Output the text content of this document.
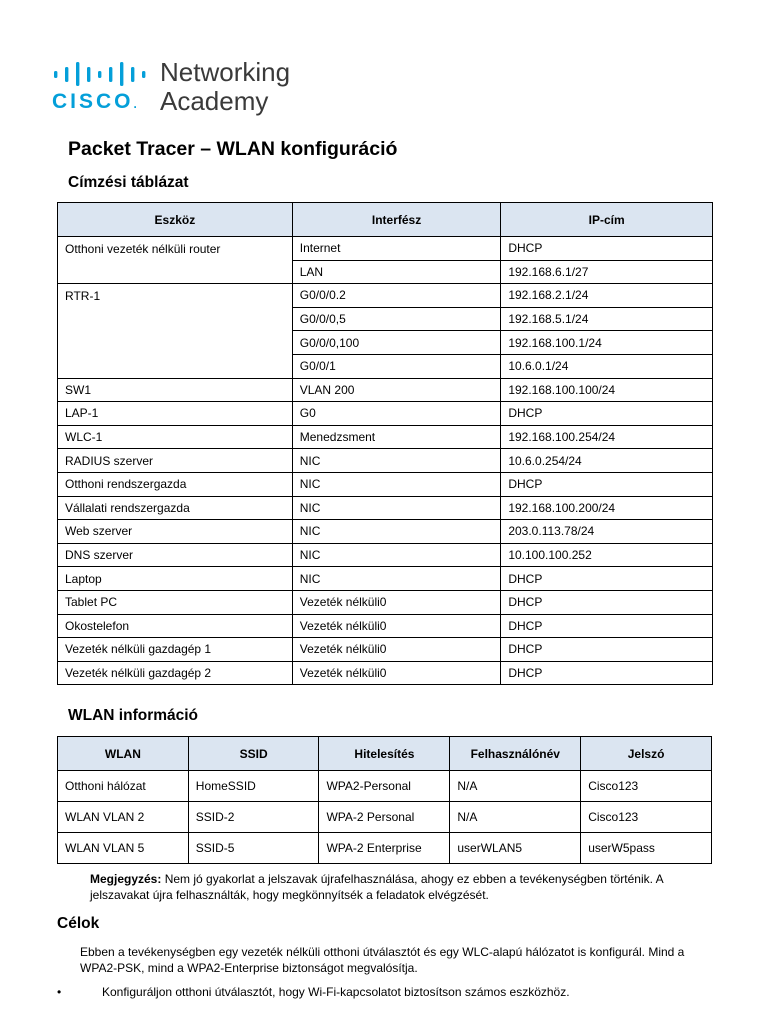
CISCO.
Networking
Academy
Packet Tracer – WLAN konfiguráció
Címzési táblázat
Eszköz	Interfész	IP-cím
Otthoni vezeték nélküli router	Internet	DHCP
	LAN	192.168.6.1/27
RTR-1	G0/0/0.2	192.168.2.1/24
	G0/0/0,5	192.168.5.1/24
	G0/0/0,100	192.168.100.1/24
	G0/0/1	10.6.0.1/24
SW1	VLAN 200	192.168.100.100/24
LAP-1	G0	DHCP
WLC-1	Menedzsment	192.168.100.254/24
RADIUS szerver	NIC	10.6.0.254/24
Otthoni rendszergazda	NIC	DHCP
Vállalati rendszergazda	NIC	192.168.100.200/24
Web szerver	NIC	203.0.113.78/24
DNS szerver	NIC	10.100.100.252
Laptop	NIC	DHCP
Tablet PC	Vezeték nélküli0	DHCP
Okostelefon	Vezeték nélküli0	DHCP
Vezeték nélküli gazdagép 1	Vezeték nélküli0	DHCP
Vezeték nélküli gazdagép 2	Vezeték nélküli0	DHCP
WLAN információ
WLAN	SSID	Hitelesítés	Felhasználónév	Jelszó
Otthoni hálózat	HomeSSID	WPA2-Personal	N/A	Cisco123
WLAN VLAN 2	SSID-2	WPA-2 Personal	N/A	Cisco123
WLAN VLAN 5	SSID-5	WPA-2 Enterprise	userWLAN5	userW5pass
Megjegyzés: Nem jó gyakorlat a jelszavak újrafelhasználása, ahogy ez ebben a tevékenységben történik. A jelszavakat újra felhasználták, hogy megkönnyítsék a feladatok elvégzését.
Célok
Ebben a tevékenységben egy vezeték nélküli otthoni útválasztót és egy WLC-alapú hálózatot is konfigurál. Mind a WPA2-PSK, mind a WPA2-Enterprise biztonságot megvalósítja.
•	Konfiguráljon otthoni útválasztót, hogy Wi-Fi-kapcsolatot biztosítson számos eszközhöz.
